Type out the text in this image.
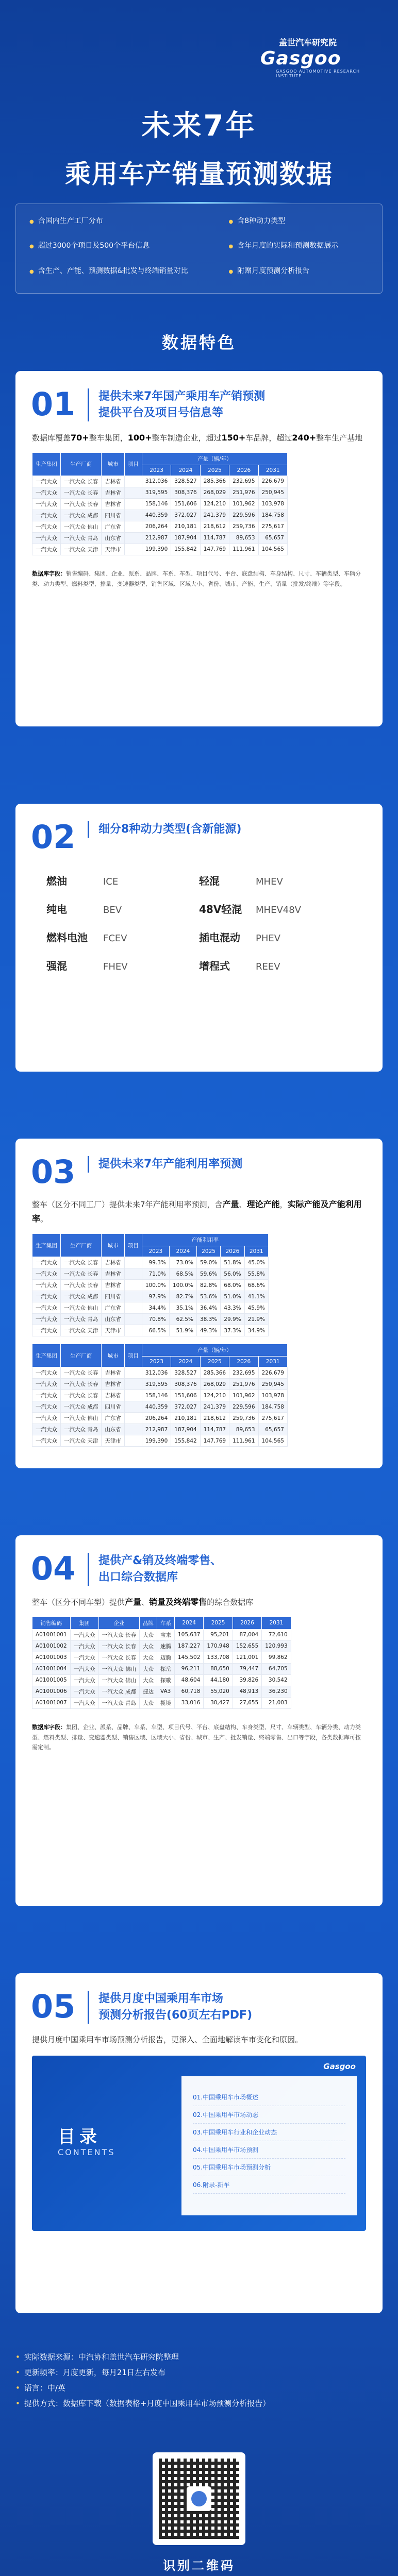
盖世汽车研究院
Gasgoo
GASGOO AUTOMOTIVE RESEARCH INSTITUTE
未来7年
乘用车产销量预测数据
● 合国内生产工厂分布	● 含8种动力类型
● 超过3000个项目及500个平台信息	● 含年月度的实际和预测数据展示
● 含生产、产能、预测数据&批发与终端销量对比	● 附赠月度预测分析报告
数据特色
01 提供未来7年国产乘用车产销预测
提供平台及项目号信息等
数据库覆盖70+整车集团，100+整车制造企业，超过150+车品牌，超过240+整车生产基地
生产集团	生产厂商	城市	项目	产量（辆/年）				
				2023	2024	2025	2026	2031
一汽大众	一汽大众 长春	吉林省		312,036	328,527	285,366	232,695	226,679
一汽大众	一汽大众 长春	吉林省		319,595	308,376	268,029	251,976	250,945
一汽大众	一汽大众 长春	吉林省		158,146	151,606	124,210	101,962	103,978
一汽大众	一汽大众 成都	四川省		440,359	372,027	241,379	229,596	184,758
一汽大众	一汽大众 佛山	广东省		206,264	210,181	218,612	259,736	275,617
一汽大众	一汽大众 青岛	山东省		212,987	187,904	114,787	89,653	65,657
一汽大众	一汽大众 天津	天津市		199,390	155,842	147,769	111,961	104,565
数据库字段：销售编码、集团、企业、派系、品牌、车系、车型、项目代号、平台、底盘结构、车身结构、尺寸、车辆类型、车辆分类、动力类型、燃料类型、排量、变速器类型、销售区域、区域大小、省份、城市、产能、生产、销量（批发/终端）等字段。
02	细分8种动力类型(含新能源)
燃油	ICE	轻混	MHEV
纯电	BEV	48V轻混	MHEV48V
燃料电池	FCEV	插电混动	PHEV
强混	FHEV	增程式	REEV
03	提供未来7年产能利用率预测
整车（区分不同工厂）提供未来7年产能利用率预测，含产量、理论产能，实际产能及产能利用率。
生产集团	生产厂商	城市	项目	产能利用率				
				2023	2024	2025	2026	2031
一汽大众	一汽大众 长春	吉林省		99.3%	73.0%	59.0%	51.8%	45.0%
一汽大众	一汽大众 长春	吉林省		71.0%	68.5%	59.6%	56.0%	55.8%
一汽大众	一汽大众 长春	吉林省		100.0%	100.0%	82.8%	68.0%	68.6%
一汽大众	一汽大众 成都	四川省		97.9%	82.7%	53.6%	51.0%	41.1%
一汽大众	一汽大众 佛山	广东省		34.4%	35.1%	36.4%	43.3%	45.9%
一汽大众	一汽大众 青岛	山东省		70.8%	62.5%	38.3%	29.9%	21.9%
一汽大众	一汽大众 天津	天津市		66.5%	51.9%	49.3%	37.3%	34.9%
生产集团	生产厂商	城市	项目	产量（辆/年）				
				2023	2024	2025	2026	2031
一汽大众	一汽大众 长春	吉林省		312,036	328,527	285,366	232,695	226,679
一汽大众	一汽大众 长春	吉林省		319,595	308,376	268,029	251,976	250,945
一汽大众	一汽大众 长春	吉林省		158,146	151,606	124,210	101,962	103,978
一汽大众	一汽大众 成都	四川省		440,359	372,027	241,379	229,596	184,758
一汽大众	一汽大众 佛山	广东省		206,264	210,181	218,612	259,736	275,617
一汽大众	一汽大众 青岛	山东省		212,987	187,904	114,787	89,653	65,657
一汽大众	一汽大众 天津	天津市		199,390	155,842	147,769	111,961	104,565
04 提供产&销及终端零售、
出口综合数据库
整车（区分不同车型）提供产量、销量及终端零售的综合数据库
销售编码	集团	企业	品牌	车系	2024	2025	2026	2031
A01001001	一汽大众	一汽大众 长春	大众	宝来	105,637	95,201	87,004	72,610
A01001002	一汽大众	一汽大众 长春	大众	速腾	187,227	170,948	152,655	120,993
A01001003	一汽大众	一汽大众 长春	大众	迈腾	145,502	133,708	121,001	99,862
A01001004	一汽大众	一汽大众 佛山	大众	探岳	96,211	88,650	79,447	64,705
A01001005	一汽大众	一汽大众 佛山	大众	探歌	48,604	44,180	39,826	30,542
A01001006	一汽大众	一汽大众 成都	捷达	VA3	60,718	55,020	48,913	36,230
A01001007	一汽大众	一汽大众 青岛	大众	揽境	33,016	30,427	27,655	21,003
数据库字段：集团、企业、派系、品牌、车系、车型、项目代号、平台、底盘结构、车身类型、尺寸、车辆类型、车辆分类、动力类型、燃料类型、排量、变速器类型、销售区域、区域大小、省份、城市、生产、批发销量、终端零售、出口等字段，各类数据库可按需定制。
05 提供月度中国乘用车市场
预测分析报告(60页左右PDF)
提供月度中国乘用车市场预测分析报告，更深入、全面地解读车市变化和原因。
Gasgoo
目录
CONTENTS
01.中国乘用车市场概述
02.中国乘用车市场动态
03.中国乘用车行业和企业动态
04.中国乘用车市场预测
05.中国乘用车市场预测分析
06.附录-新车
• 实际数据来源：中汽协和盖世汽车研究院整理
• 更新频率：月度更新，每月21日左右发布
• 语言：中/英
• 提供方式：数据库下载（数据表格+月度中国乘用车市场预测分析报告）
识别二维码
